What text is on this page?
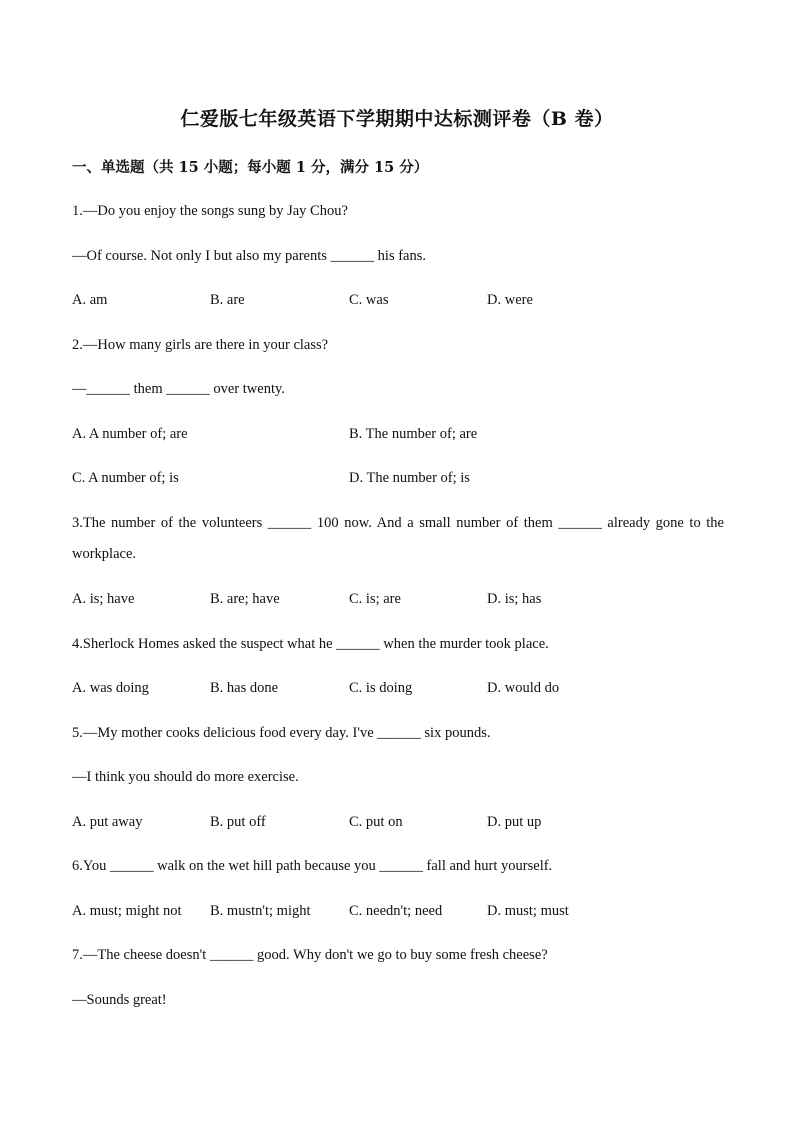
仁爱版七年级英语下学期期中达标测评卷（B 卷）
一、单选题（共 15 小题；每小题 1 分，满分 15 分）
1.—Do you enjoy the songs sung by Jay Chou?
—Of course. Not only I but also my parents ______ his fans.
A. am	B. are	C. was	D. were
2.—How many girls are there in your class?
—______ them ______ over twenty.
A. A number of; are	B. The number of; are
C. A number of; is	D. The number of; is
3.The number of the volunteers ______ 100 now. And a small number of them ______ already gone to the workplace.
A. is; have	B. are; have	C. is; are	D. is; has
4.Sherlock Homes asked the suspect what he ______ when the murder took place.
A. was doing	B. has done	C. is doing	D. would do
5.—My mother cooks delicious food every day. I've ______ six pounds.
—I think you should do more exercise.
A. put away	B. put off	C. put on	D. put up
6.You ______ walk on the wet hill path because you ______ fall and hurt yourself.
A. must; might not B. mustn't; might	C. needn't; need	D. must; must
7.—The cheese doesn't ______ good. Why don't we go to buy some fresh cheese?
—Sounds great!
